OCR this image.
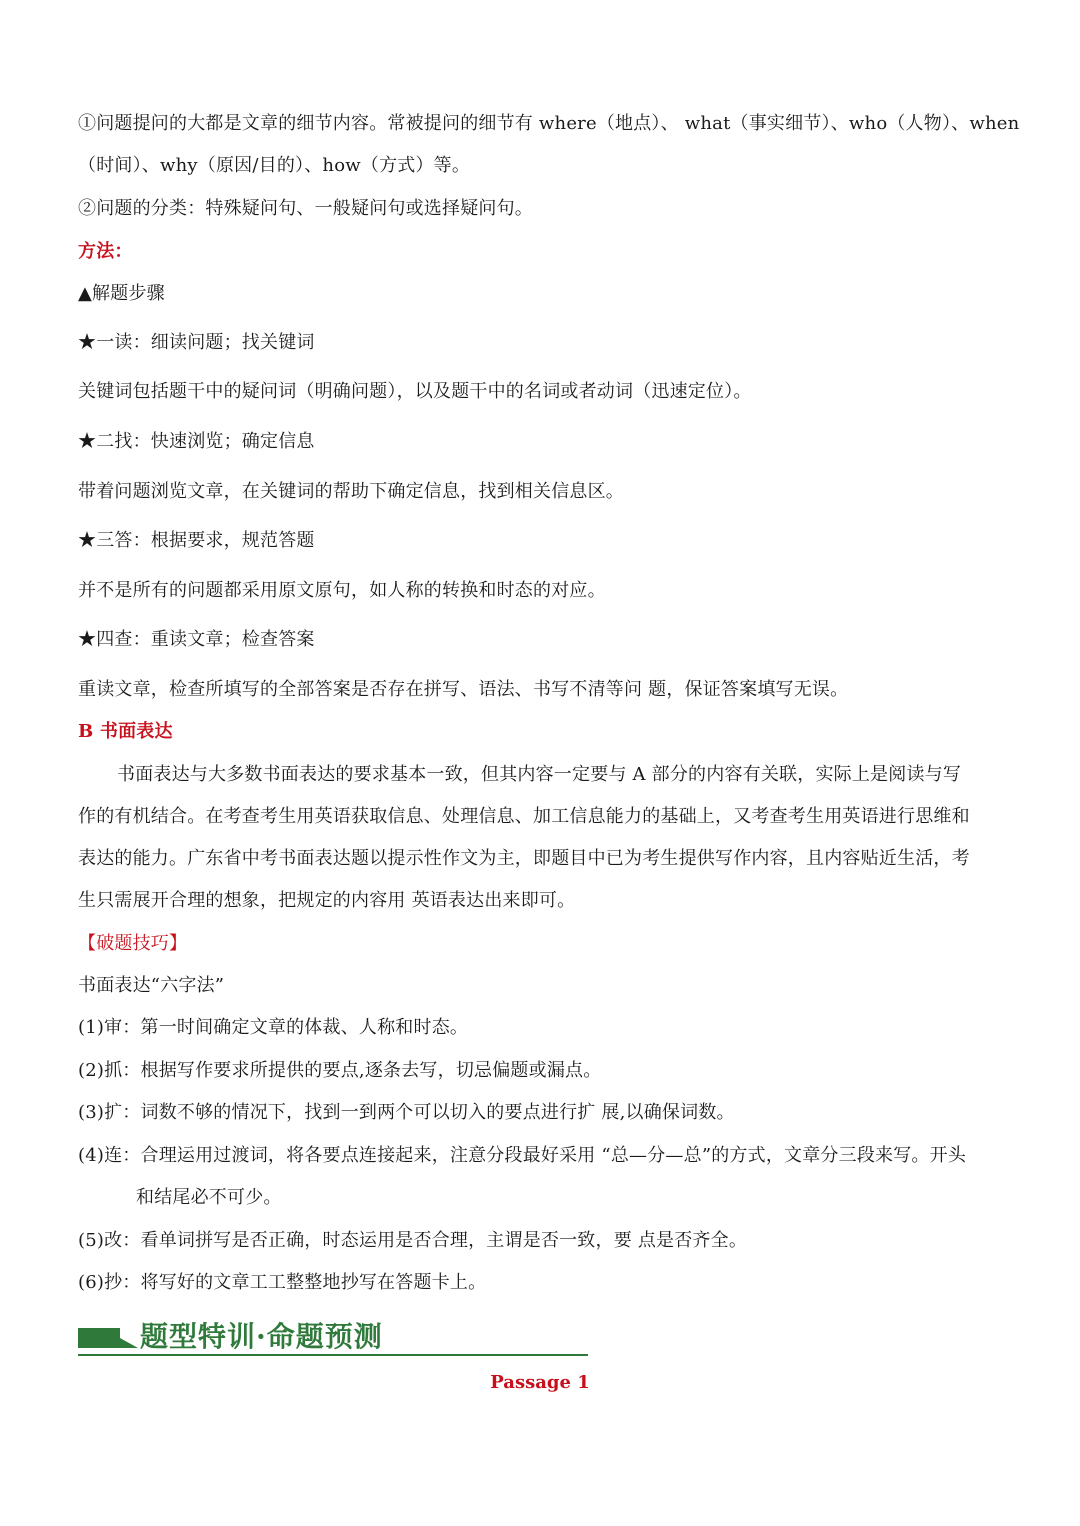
①问题提问的大都是文章的细节内容。常被提问的细节有 where（地点）、 what（事实细节）、who（人物）、when
（时间）、why（原因/目的）、how（方式）等。
②问题的分类：特殊疑问句、一般疑问句或选择疑问句。
方法：
▲解题步骤
★一读：细读问题；找关键词
关键词包括题干中的疑问词（明确问题），以及题干中的名词或者动词（迅速定位）。
★二找：快速浏览；确定信息
带着问题浏览文章，在关键词的帮助下确定信息，找到相关信息区。
★三答：根据要求，规范答题
并不是所有的问题都采用原文原句，如人称的转换和时态的对应。
★四查：重读文章；检查答案
重读文章，检查所填写的全部答案是否存在拼写、语法、书写不清等问 题，保证答案填写无误。
B 书面表达
书面表达与大多数书面表达的要求基本一致，但其内容一定要与 A 部分的内容有关联，实际上是阅读与写
作的有机结合。在考查考生用英语获取信息、处理信息、加工信息能力的基础上，又考查考生用英语进行思维和
表达的能力。广东省中考书面表达题以提示性作文为主，即题目中已为考生提供写作内容，且内容贴近生活，考
生只需展开合理的想象，把规定的内容用 英语表达出来即可。
【破题技巧】
书面表达“六字法”
(1)审：第一时间确定文章的体裁、人称和时态。
(2)抓：根据写作要求所提供的要点,逐条去写，切忌偏题或漏点。
(3)扩：词数不够的情况下，找到一到两个可以切入的要点进行扩 展,以确保词数。
(4)连：合理运用过渡词，将各要点连接起来，注意分段最好采用 “总—分—总”的方式，文章分三段来写。开头
和结尾必不可少。
(5)改：看单词拼写是否正确，时态运用是否合理，主谓是否一致，要 点是否齐全。
(6)抄：将写好的文章工工整整地抄写在答题卡上。
题型特训·命题预测
Passage 1
